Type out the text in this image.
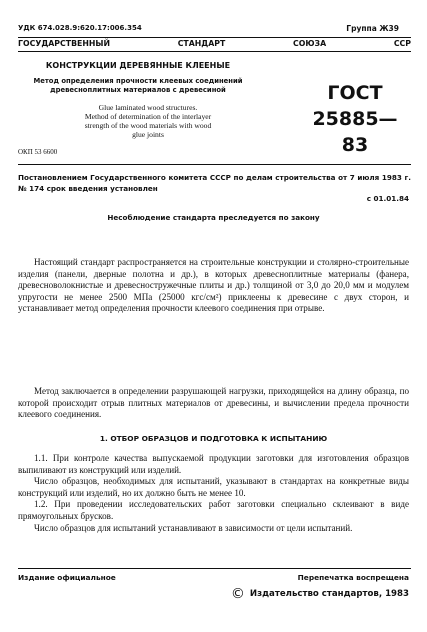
УДК 674.028.9:620.17:006.354	Группа Ж39
ГОСУДАРСТВЕННЫЙ	СТАНДАРТ	СОЮЗА	ССР
КОНСТРУКЦИИ ДЕРЕВЯННЫЕ КЛЕЕНЫЕ
Метод определения прочности клеевых соединений
древесноплитных материалов с древесиной
Glue laminated wood structures.
Method of determination of the interlayer
strength of the wood materials with wood
glue joints
ГОСТ
25885—83
ОКП 53 6600
Постановлением Государственного комитета СССР по делам строительства от 7 июля 1983 г. № 174 срок введения установлен
с 01.01.84
Несоблюдение стандарта преследуется по закону

Настоящий стандарт распространяется на строительные конструкции и столярно-строительные изделия (панели, дверные полотна и др.), в которых древесноплитные материалы (фанера, древесноволокнистые и древесностружечные плиты и др.) толщиной от 3,0 до 20,0 мм и модулем упругости не менее 2500 МПа (25000 кгс/см²) приклеены к древесине с двух сторон, и устанавливает метод определения прочности клеевого соединения при отрыве.

Метод заключается в определении разрушающей нагрузки, приходящейся на длину образца, по которой происходит отрыв плитных материалов от древесины, и вычислении предела прочности клеевого соединения.

1. ОТБОР ОБРАЗЦОВ И ПОДГОТОВКА К ИСПЫТАНИЮ

1.1. При контроле качества выпускаемой продукции заготовки для изготовления образцов выпиливают из конструкций или изделий.

Число образцов, необходимых для испытаний, указывают в стандартах на конкретные виды конструкций или изделий, но их должно быть не менее 10.

1.2. При проведении исследовательских работ заготовки специально склеивают в виде прямоугольных брусков.

Число образцов для испытаний устанавливают в зависимости от цели испытаний.

Издание официальное	Перепечатка воспрещена
© Издательство стандартов, 1983
